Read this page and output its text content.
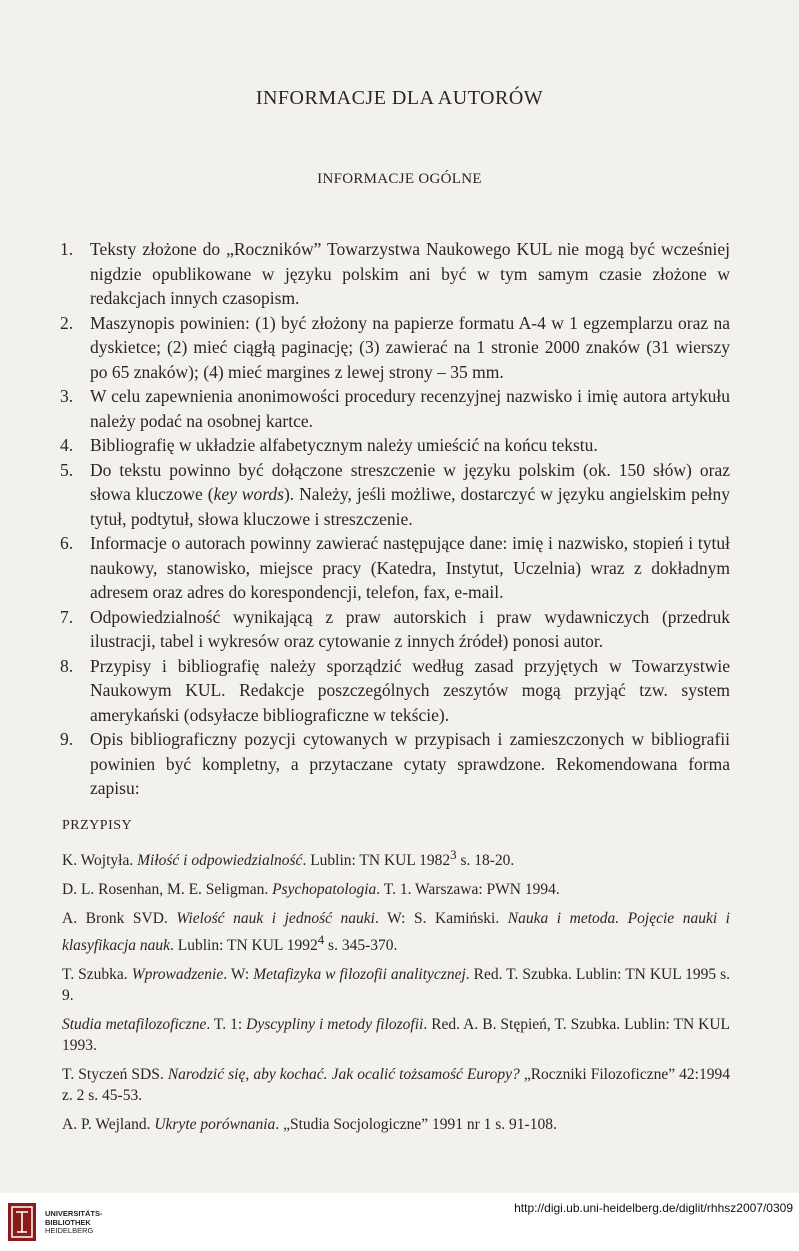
INFORMACJE DLA AUTORÓW
INFORMACJE OGÓLNE
1. Teksty złożone do „Roczników” Towarzystwa Naukowego KUL nie mogą być wcześniej nigdzie opublikowane w języku polskim ani być w tym samym czasie złożone w redakcjach innych czasopism.
2. Maszynopis powinien: (1) być złożony na papierze formatu A-4 w 1 egzemplarzu oraz na dyskietce; (2) mieć ciągłą paginację; (3) zawierać na 1 stronie 2000 znaków (31 wierszy po 65 znaków); (4) mieć margines z lewej strony – 35 mm.
3. W celu zapewnienia anonimowości procedury recenzyjnej nazwisko i imię autora artykułu należy podać na osobnej kartce.
4. Bibliografię w układzie alfabetycznym należy umieścić na końcu tekstu.
5. Do tekstu powinno być dołączone streszczenie w języku polskim (ok. 150 słów) oraz słowa kluczowe (key words). Należy, jeśli możliwe, dostarczyć w języku angielskim pełny tytuł, podtytuł, słowa kluczowe i streszczenie.
6. Informacje o autorach powinny zawierać następujące dane: imię i nazwisko, stopień i tytuł naukowy, stanowisko, miejsce pracy (Katedra, Instytut, Uczelnia) wraz z dokładnym adresem oraz adres do korespondencji, telefon, fax, e-mail.
7. Odpowiedzialność wynikającą z praw autorskich i praw wydawniczych (przedruk ilustracji, tabel i wykresów oraz cytowanie z innych źródeł) ponosi autor.
8. Przypisy i bibliografię należy sporządzić według zasad przyjętych w Towarzystwie Naukowym KUL. Redakcje poszczególnych zeszytów mogą przyjąć tzw. system amerykański (odsyłacze bibliograficzne w tekście).
9. Opis bibliograficzny pozycji cytowanych w przypisach i zamieszczonych w bibliografii powinien być kompletny, a przytaczane cytaty sprawdzone. Rekomendowana forma zapisu:
PRZYPISY
K. Wojtyła. Miłość i odpowiedzialność. Lublin: TN KUL 1982$^3$ s. 18-20.
D. L. Rosenhan, M. E. Seligman. Psychopatologia. T. 1. Warszawa: PWN 1994.
A. Bronk SVD. Wielość nauk i jedność nauki. W: S. Kamiński. Nauka i metoda. Pojęcie nauki i klasyfikacja nauk. Lublin: TN KUL 1992$^4$ s. 345-370.
T. Szubka. Wprowadzenie. W: Metafizyka w filozofii analitycznej. Red. T. Szubka. Lublin: TN KUL 1995 s. 9.
Studia metafilozoficzne. T. 1: Dyscypliny i metody filozofii. Red. A. B. Stępień, T. Szubka. Lublin: TN KUL 1993.
T. Styczeń SDS. Narodzić się, aby kochać. Jak ocalić tożsamość Europy? „Roczniki Filozoficzne” 42:1994 z. 2 s. 45-53.
A. P. Wejland. Ukryte porównania. „Studia Socjologiczne” 1991 nr 1 s. 91-108.
UNIVERSITÄTS-
BIBLIOTHEK
HEIDELBERG
http://digi.ub.uni-heidelberg.de/diglit/rhhsz2007/0309
